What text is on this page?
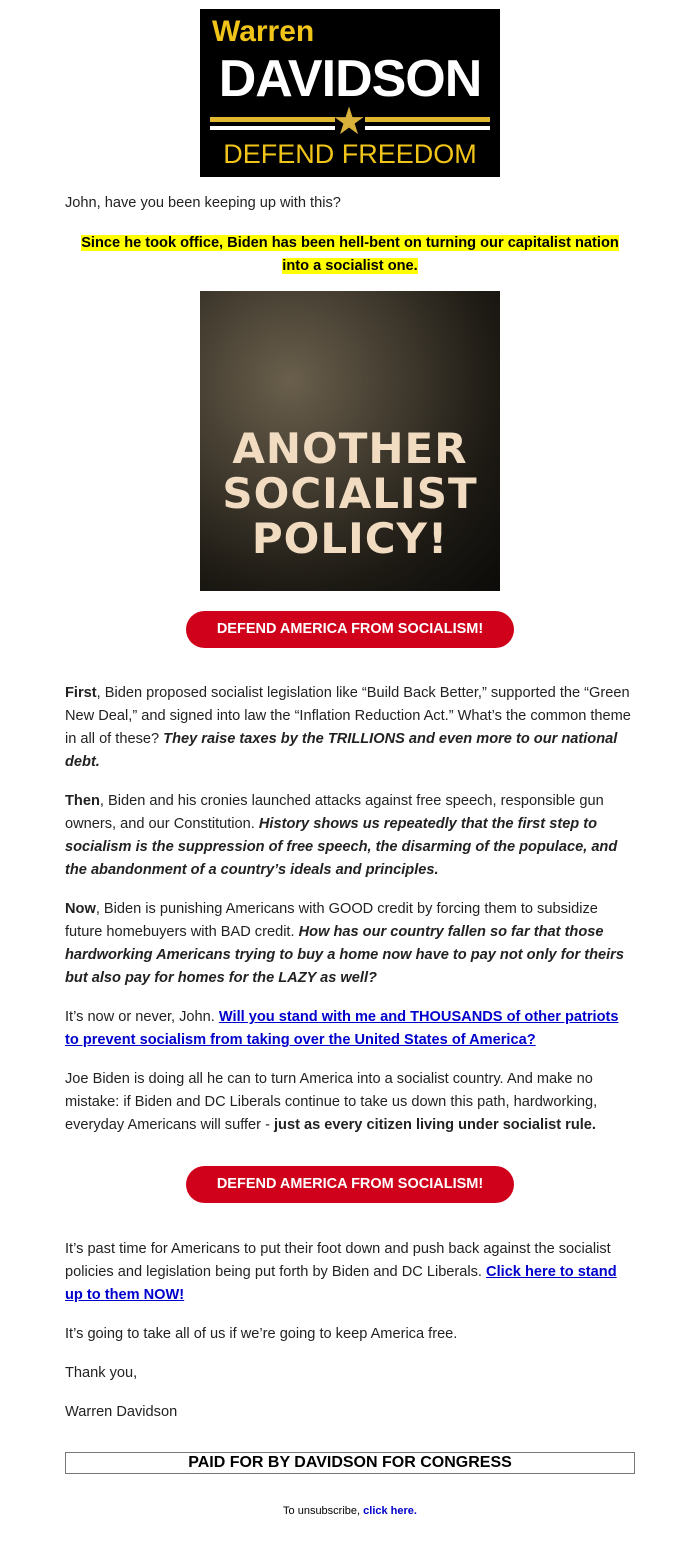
Warren
DAVIDSON
★
DEFEND FREEDOM
John, have you been keeping up with this?
Since he took office, Biden has been hell-bent on turning our capitalist nation into a socialist one.
ANOTHER SOCIALIST POLICY!
DEFEND AMERICA FROM SOCIALISM!

First, Biden proposed socialist legislation like “Build Back Better,” supported the “Green New Deal,” and signed into law the “Inflation Reduction Act.” What’s the common theme in all of these? They raise taxes by the TRILLIONS and even more to our national debt.

Then, Biden and his cronies launched attacks against free speech, responsible gun owners, and our Constitution. History shows us repeatedly that the first step to socialism is the suppression of free speech, the disarming of the populace, and the abandonment of a country’s ideals and principles.

Now, Biden is punishing Americans with GOOD credit by forcing them to subsidize future homebuyers with BAD credit. How has our country fallen so far that those hardworking Americans trying to buy a home now have to pay not only for theirs but also pay for homes for the LAZY as well?

It’s now or never, John. Will you stand with me and THOUSANDS of other patriots to prevent socialism from taking over the United States of America?

Joe Biden is doing all he can to turn America into a socialist country. And make no mistake: if Biden and DC Liberals continue to take us down this path, hardworking, everyday Americans will suffer - just as every citizen living under socialist rule.

DEFEND AMERICA FROM SOCIALISM!

It’s past time for Americans to put their foot down and push back against the socialist policies and legislation being put forth by Biden and DC Liberals. Click here to stand up to them NOW!

It’s going to take all of us if we’re going to keep America free.

Thank you,

Warren Davidson

PAID FOR BY DAVIDSON FOR CONGRESS
To unsubscribe, click here.
